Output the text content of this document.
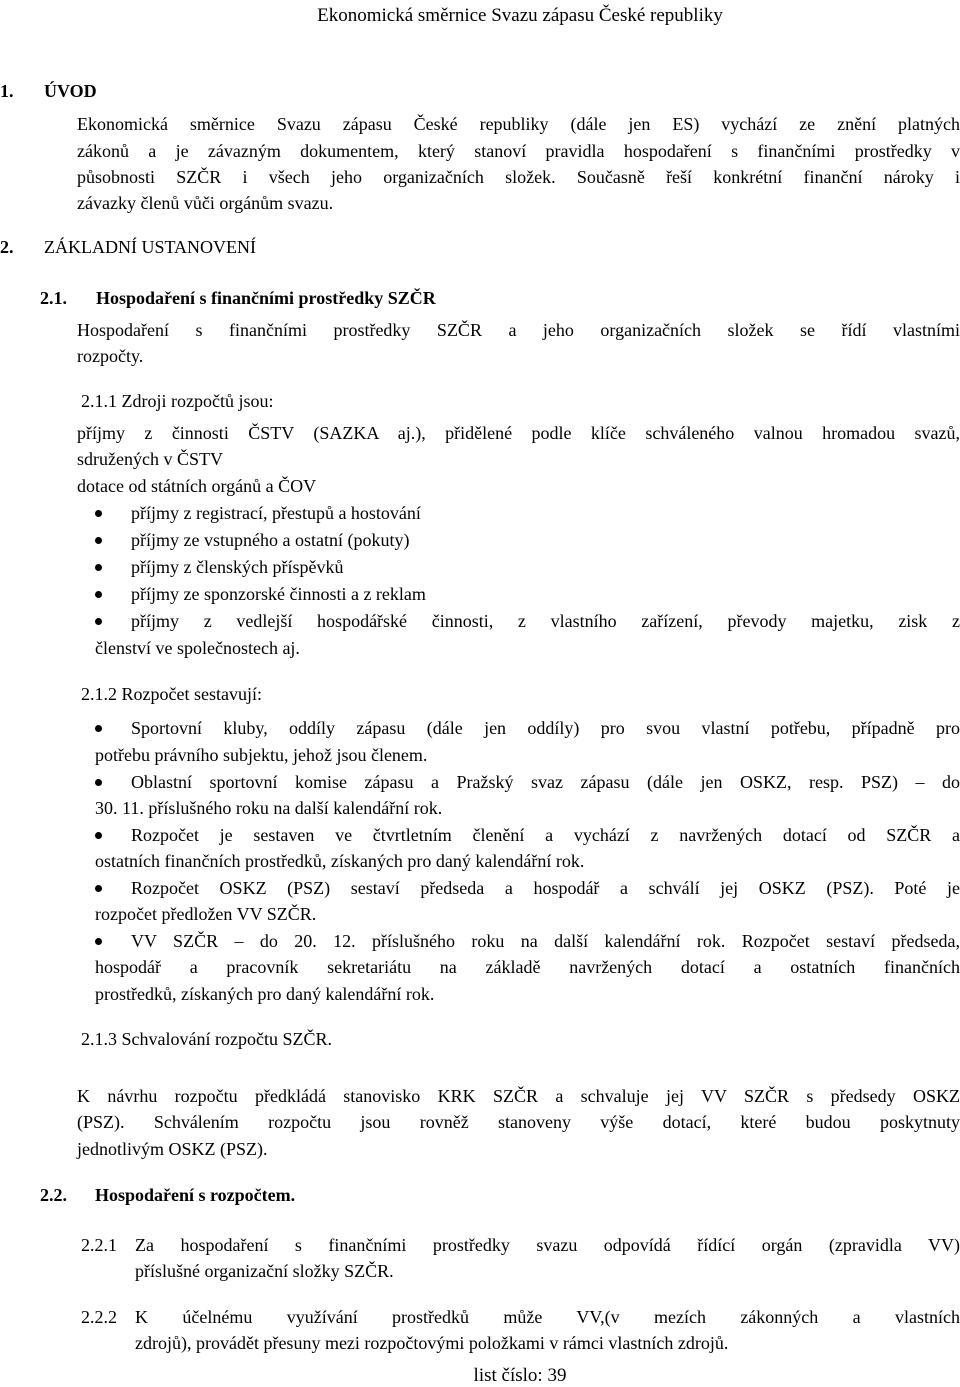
Ekonomická směrnice Svazu zápasu České republiky
1. ÚVOD
Ekonomická směrnice Svazu zápasu České republiky (dále jen ES) vychází ze znění platných
zákonů a je závazným dokumentem, který stanoví pravidla hospodaření s finančními prostředky v
působnosti SZČR i všech jeho organizačních složek. Současně řeší konkrétní finanční nároky i
závazky členů vůči orgánům svazu.
2. ZÁKLADNÍ USTANOVENÍ
2.1. Hospodaření s finančními prostředky SZČR
Hospodaření s finančními prostředky SZČR a jeho organizačních složek se řídí vlastními
rozpočty.
2.1.1 Zdroji rozpočtů jsou:
příjmy z činnosti ČSTV (SAZKA aj.), přidělené podle klíče schváleného valnou hromadou svazů,
sdružených v ČSTV
dotace od státních orgánů a ČOV
příjmy z registrací, přestupů a hostování
příjmy ze vstupného a ostatní (pokuty)
příjmy z členských příspěvků
příjmy ze sponzorské činnosti a z reklam
příjmy z vedlejší hospodářské činnosti, z vlastního zařízení, převody majetku, zisk z
členství ve společnostech aj.
2.1.2 Rozpočet sestavují:
Sportovní kluby, oddíly zápasu (dále jen oddíly) pro svou vlastní potřebu, případně pro
potřebu právního subjektu, jehož jsou členem.
Oblastní sportovní komise zápasu a Pražský svaz zápasu (dále jen OSKZ, resp. PSZ) – do
30. 11. příslušného roku na další kalendářní rok.
Rozpočet je sestaven ve čtvrtletním členění a vychází z navržených dotací od SZČR a
ostatních finančních prostředků, získaných pro daný kalendářní rok.
Rozpočet OSKZ (PSZ) sestaví předseda a hospodář a schválí jej OSKZ (PSZ). Poté je
rozpočet předložen VV SZČR.
VV SZČR – do 20. 12. příslušného roku na další kalendářní rok. Rozpočet sestaví předseda,
hospodář a pracovník sekretariátu na základě navržených dotací a ostatních finančních
prostředků, získaných pro daný kalendářní rok.
2.1.3 Schvalování rozpočtu SZČR.
K návrhu rozpočtu předkládá stanovisko KRK SZČR a schvaluje jej VV SZČR s předsedy OSKZ
(PSZ). Schválením rozpočtu jsou rovněž stanoveny výše dotací, které budou poskytnuty
jednotlivým OSKZ (PSZ).
2.2. Hospodaření s rozpočtem.
2.2.1 Za hospodaření s finančními prostředky svazu odpovídá řídící orgán (zpravidla VV)
příslušné organizační složky SZČR.
2.2.2 K účelnému využívání prostředků může VV,(v mezích zákonných a vlastních
zdrojů), provádět přesuny mezi rozpočtovými položkami v rámci vlastních zdrojů.
list číslo: 39
